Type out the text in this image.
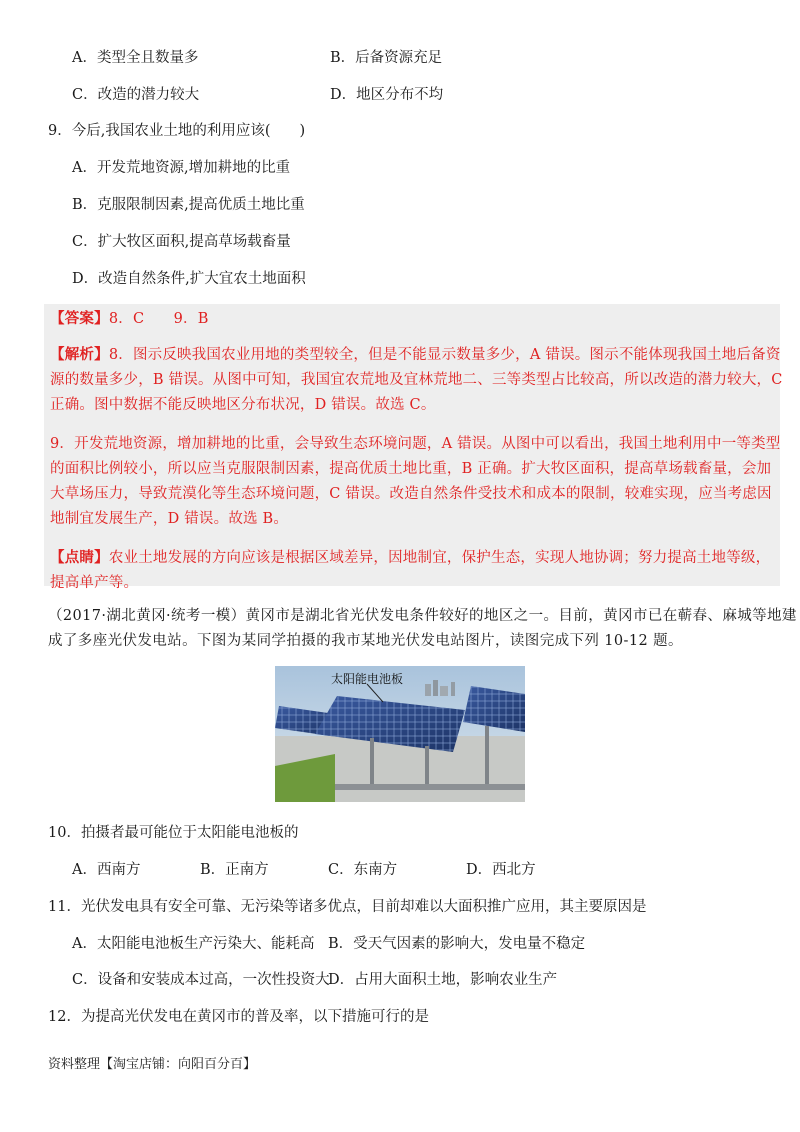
A．类型全且数量多	B．后备资源充足
C．改造的潜力较大	D．地区分布不均
9．今后,我国农业土地的利用应该(　　)
A．开发荒地资源,增加耕地的比重
B．克服限制因素,提高优质土地比重
C．扩大牧区面积,提高草场载畜量
D．改造自然条件,扩大宜农土地面积
【答案】8．C　　9．B
【解析】8．图示反映我国农业用地的类型较全，但是不能显示数量多少，A 错误。图示不能体现我国土地后备资
源的数量多少，B 错误。从图中可知，我国宜农荒地及宜林荒地二、三等类型占比较高，所以改造的潜力较大，C
正确。图中数据不能反映地区分布状况，D 错误。故选 C。
9．开发荒地资源，增加耕地的比重，会导致生态环境问题，A 错误。从图中可以看出，我国土地利用中一等类型
的面积比例较小，所以应当克服限制因素，提高优质土地比重，B 正确。扩大牧区面积，提高草场载畜量，会加
大草场压力，导致荒漠化等生态环境问题，C 错误。改造自然条件受技术和成本的限制，较难实现，应当考虑因
地制宜发展生产，D 错误。故选 B。
【点睛】农业土地发展的方向应该是根据区域差异，因地制宜，保护生态，实现人地协调；努力提高土地等级，
提高单产等。
（2017·湖北黄冈·统考一模）黄冈市是湖北省光伏发电条件较好的地区之一。目前，黄冈市已在蕲春、麻城等地建
成了多座光伏发电站。下图为某同学拍摄的我市某地光伏发电站图片，读图完成下列 10-12 题。
太阳能电池板
10．拍摄者最可能位于太阳能电池板的
A．西南方	B．正南方	C．东南方	D．西北方
11．光伏发电具有安全可靠、无污染等诸多优点，目前却难以大面积推广应用，其主要原因是
A．太阳能电池板生产污染大、能耗高 B．受天气因素的影响大，发电量不稳定
C．设备和安装成本过高，一次性投资大
D．占用大面积土地，影响农业生产
12．为提高光伏发电在黄冈市的普及率，以下措施可行的是
资料整理【淘宝店铺：向阳百分百】
